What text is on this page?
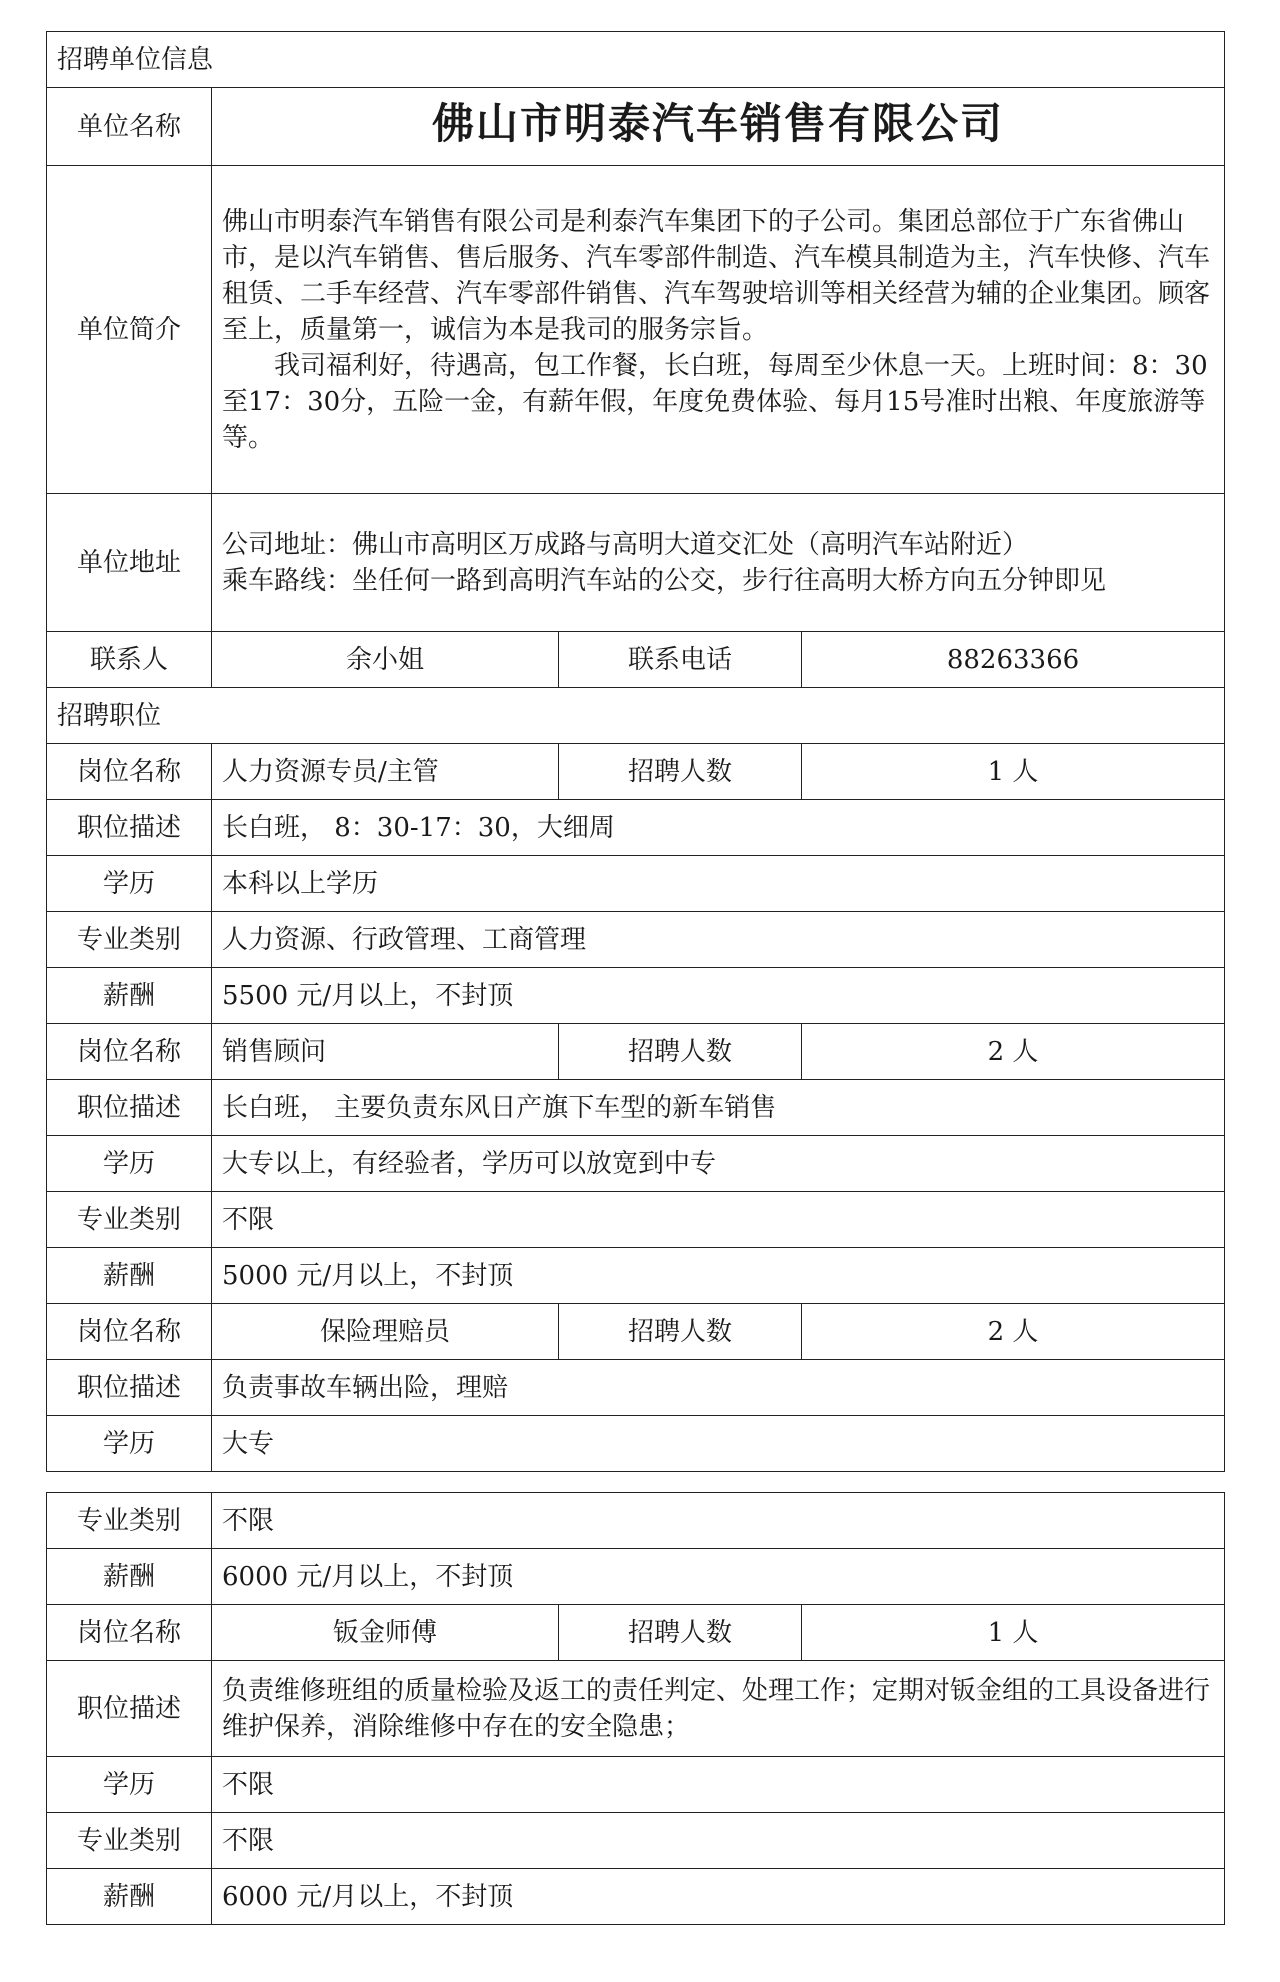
招聘单位信息			
单位名称	佛山市明泰汽车销售有限公司		
单位简介	佛山市明泰汽车销售有限公司是利泰汽车集团下的子公司。集团总部位于广东省佛山市，是以汽车销售、售后服务、汽车零部件制造、汽车模具制造为主，汽车快修、汽车租赁、二手车经营、汽车零部件销售、汽车驾驶培训等相关经营为辅的企业集团。顾客至上，质量第一，诚信为本是我司的服务宗旨。

我司福利好，待遇高，包工作餐，长白班，每周至少休息一天。上班时间：8：30至17：30分，五险一金，有薪年假，年度免费体验、每月15号准时出粮、年度旅游等等。		

单位地址	公司地址：佛山市高明区万成路与高明大道交汇处（高明汽车站附近）

乘车路线：坐任何一路到高明汽车站的公交，步行往高明大桥方向五分钟即见		

联系人	余小姐	联系电话	88263366
招聘职位			
岗位名称	人力资源专员/主管	招聘人数	1 人
职位描述	长白班， 8：30-17：30，大细周		
学历	本科以上学历		
专业类别	人力资源、行政管理、工商管理		
薪酬	5500 元/月以上，不封顶		
岗位名称	销售顾问	招聘人数	2 人
职位描述	长白班， 主要负责东风日产旗下车型的新车销售		
学历	大专以上，有经验者，学历可以放宽到中专		
专业类别	不限		
薪酬	5000 元/月以上，不封顶		
岗位名称	保险理赔员	招聘人数	2 人
职位描述	负责事故车辆出险，理赔		
学历	大专		
专业类别	不限		
薪酬	6000 元/月以上，不封顶		
岗位名称	钣金师傅	招聘人数	1 人
职位描述	负责维修班组的质量检验及返工的责任判定、处理工作；定期对钣金组的工具设备进行维护保养，消除维修中存在的安全隐患；		
学历	不限		
专业类别	不限		
薪酬	6000 元/月以上，不封顶		
